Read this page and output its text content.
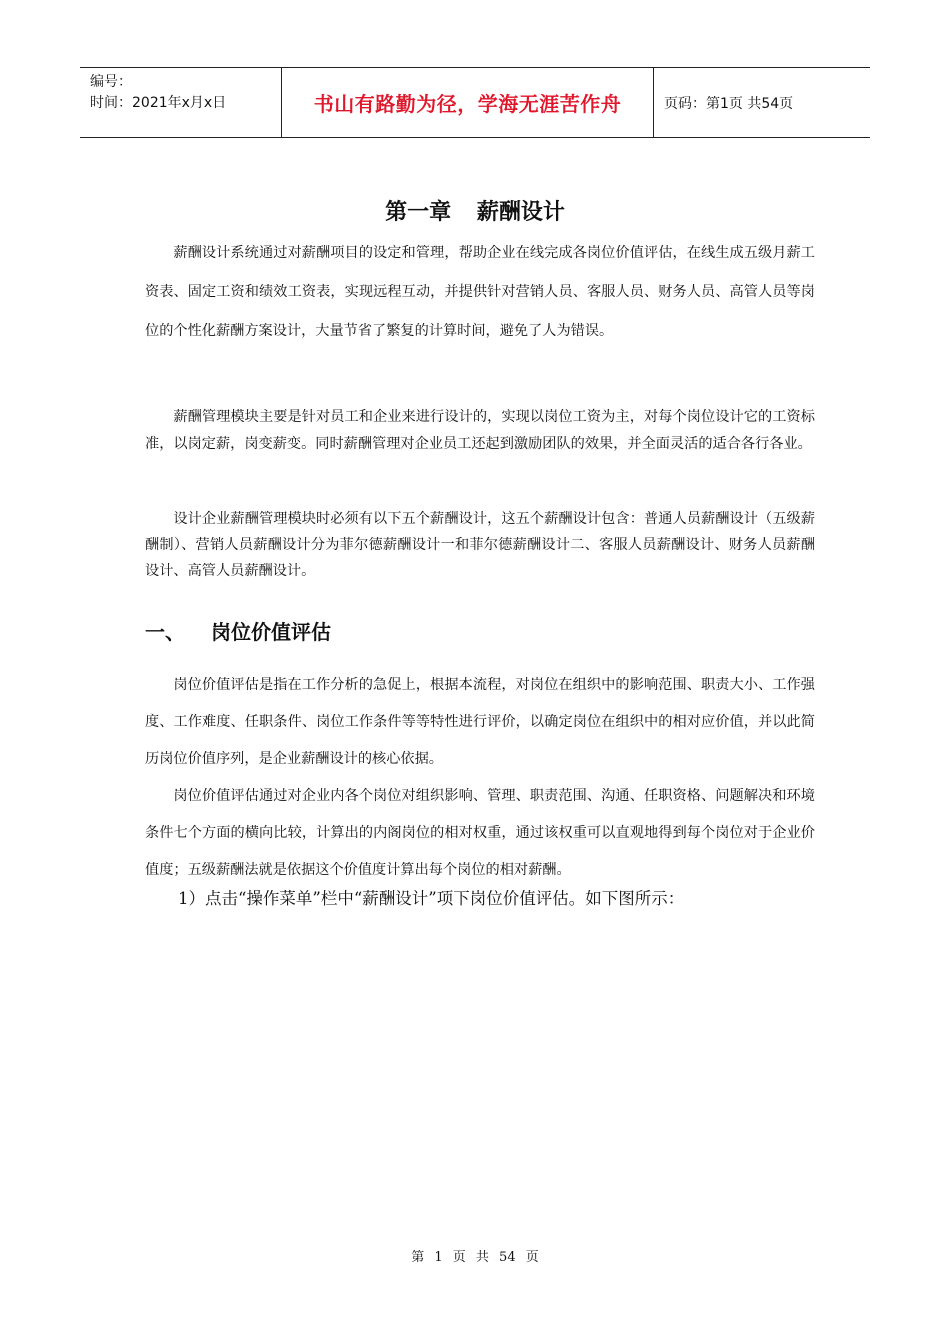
编号：
时间：2021年x月x日	书山有路勤为径，学海无涯苦作舟	页码：第1页 共54页
第一章 薪酬设计

薪酬设计系统通过对薪酬项目的设定和管理，帮助企业在线完成各岗位价值评估，在线生成五级月薪工资表、固定工资和绩效工资表，实现远程互动，并提供针对营销人员、客服人员、财务人员、高管人员等岗位的个性化薪酬方案设计，大量节省了繁复的计算时间，避免了人为错误。

薪酬管理模块主要是针对员工和企业来进行设计的，实现以岗位工资为主，对每个岗位设计它的工资标准，以岗定薪，岗变薪变。同时薪酬管理对企业员工还起到激励团队的效果，并全面灵活的适合各行各业。

设计企业薪酬管理模块时必须有以下五个薪酬设计，这五个薪酬设计包含：普通人员薪酬设计（五级薪酬制）、营销人员薪酬设计分为菲尔德薪酬设计一和菲尔德薪酬设计二、客服人员薪酬设计、财务人员薪酬设计、高管人员薪酬设计。

一、	岗位价值评估

岗位价值评估是指在工作分析的急促上，根据本流程，对岗位在组织中的影响范围、职责大小、工作强度、工作难度、任职条件、岗位工作条件等等特性进行评价，以确定岗位在组织中的相对应价值，并以此简历岗位价值序列，是企业薪酬设计的核心依据。

岗位价值评估通过对企业内各个岗位对组织影响、管理、职责范围、沟通、任职资格、问题解决和环境条件七个方面的横向比较，计算出的内阁岗位的相对权重，通过该权重可以直观地得到每个岗位对于企业价值度；五级薪酬法就是依据这个价值度计算出每个岗位的相对薪酬。

1）点击“操作菜单”栏中“薪酬设计”项下岗位价值评估。如下图所示：

第 1 页 共 54 页
